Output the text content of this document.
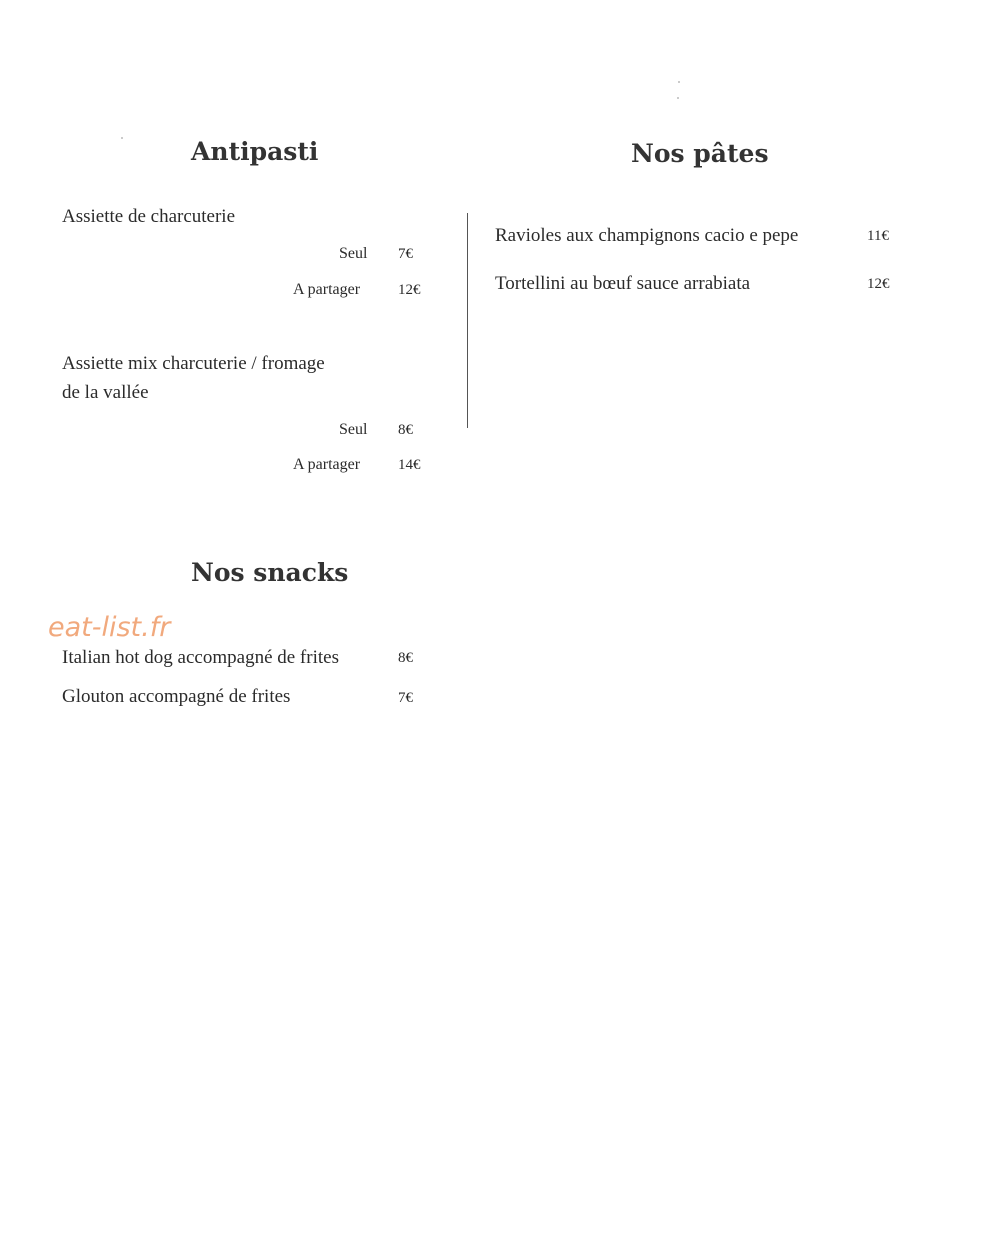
Antipasti
Assiette de charcuterie
Seul 7€
A partager	12€
Assiette mix charcuterie / fromage
de la vallée
Seul 8€
A partager	14€
Nos pâtes
Ravioles aux champignons cacio e pepe	11€
Tortellini au bœuf sauce arrabiata	12€
Nos snacks
eat-list.fr
Italian hot dog accompagné de frites	8€
Glouton accompagné de frites	7€
